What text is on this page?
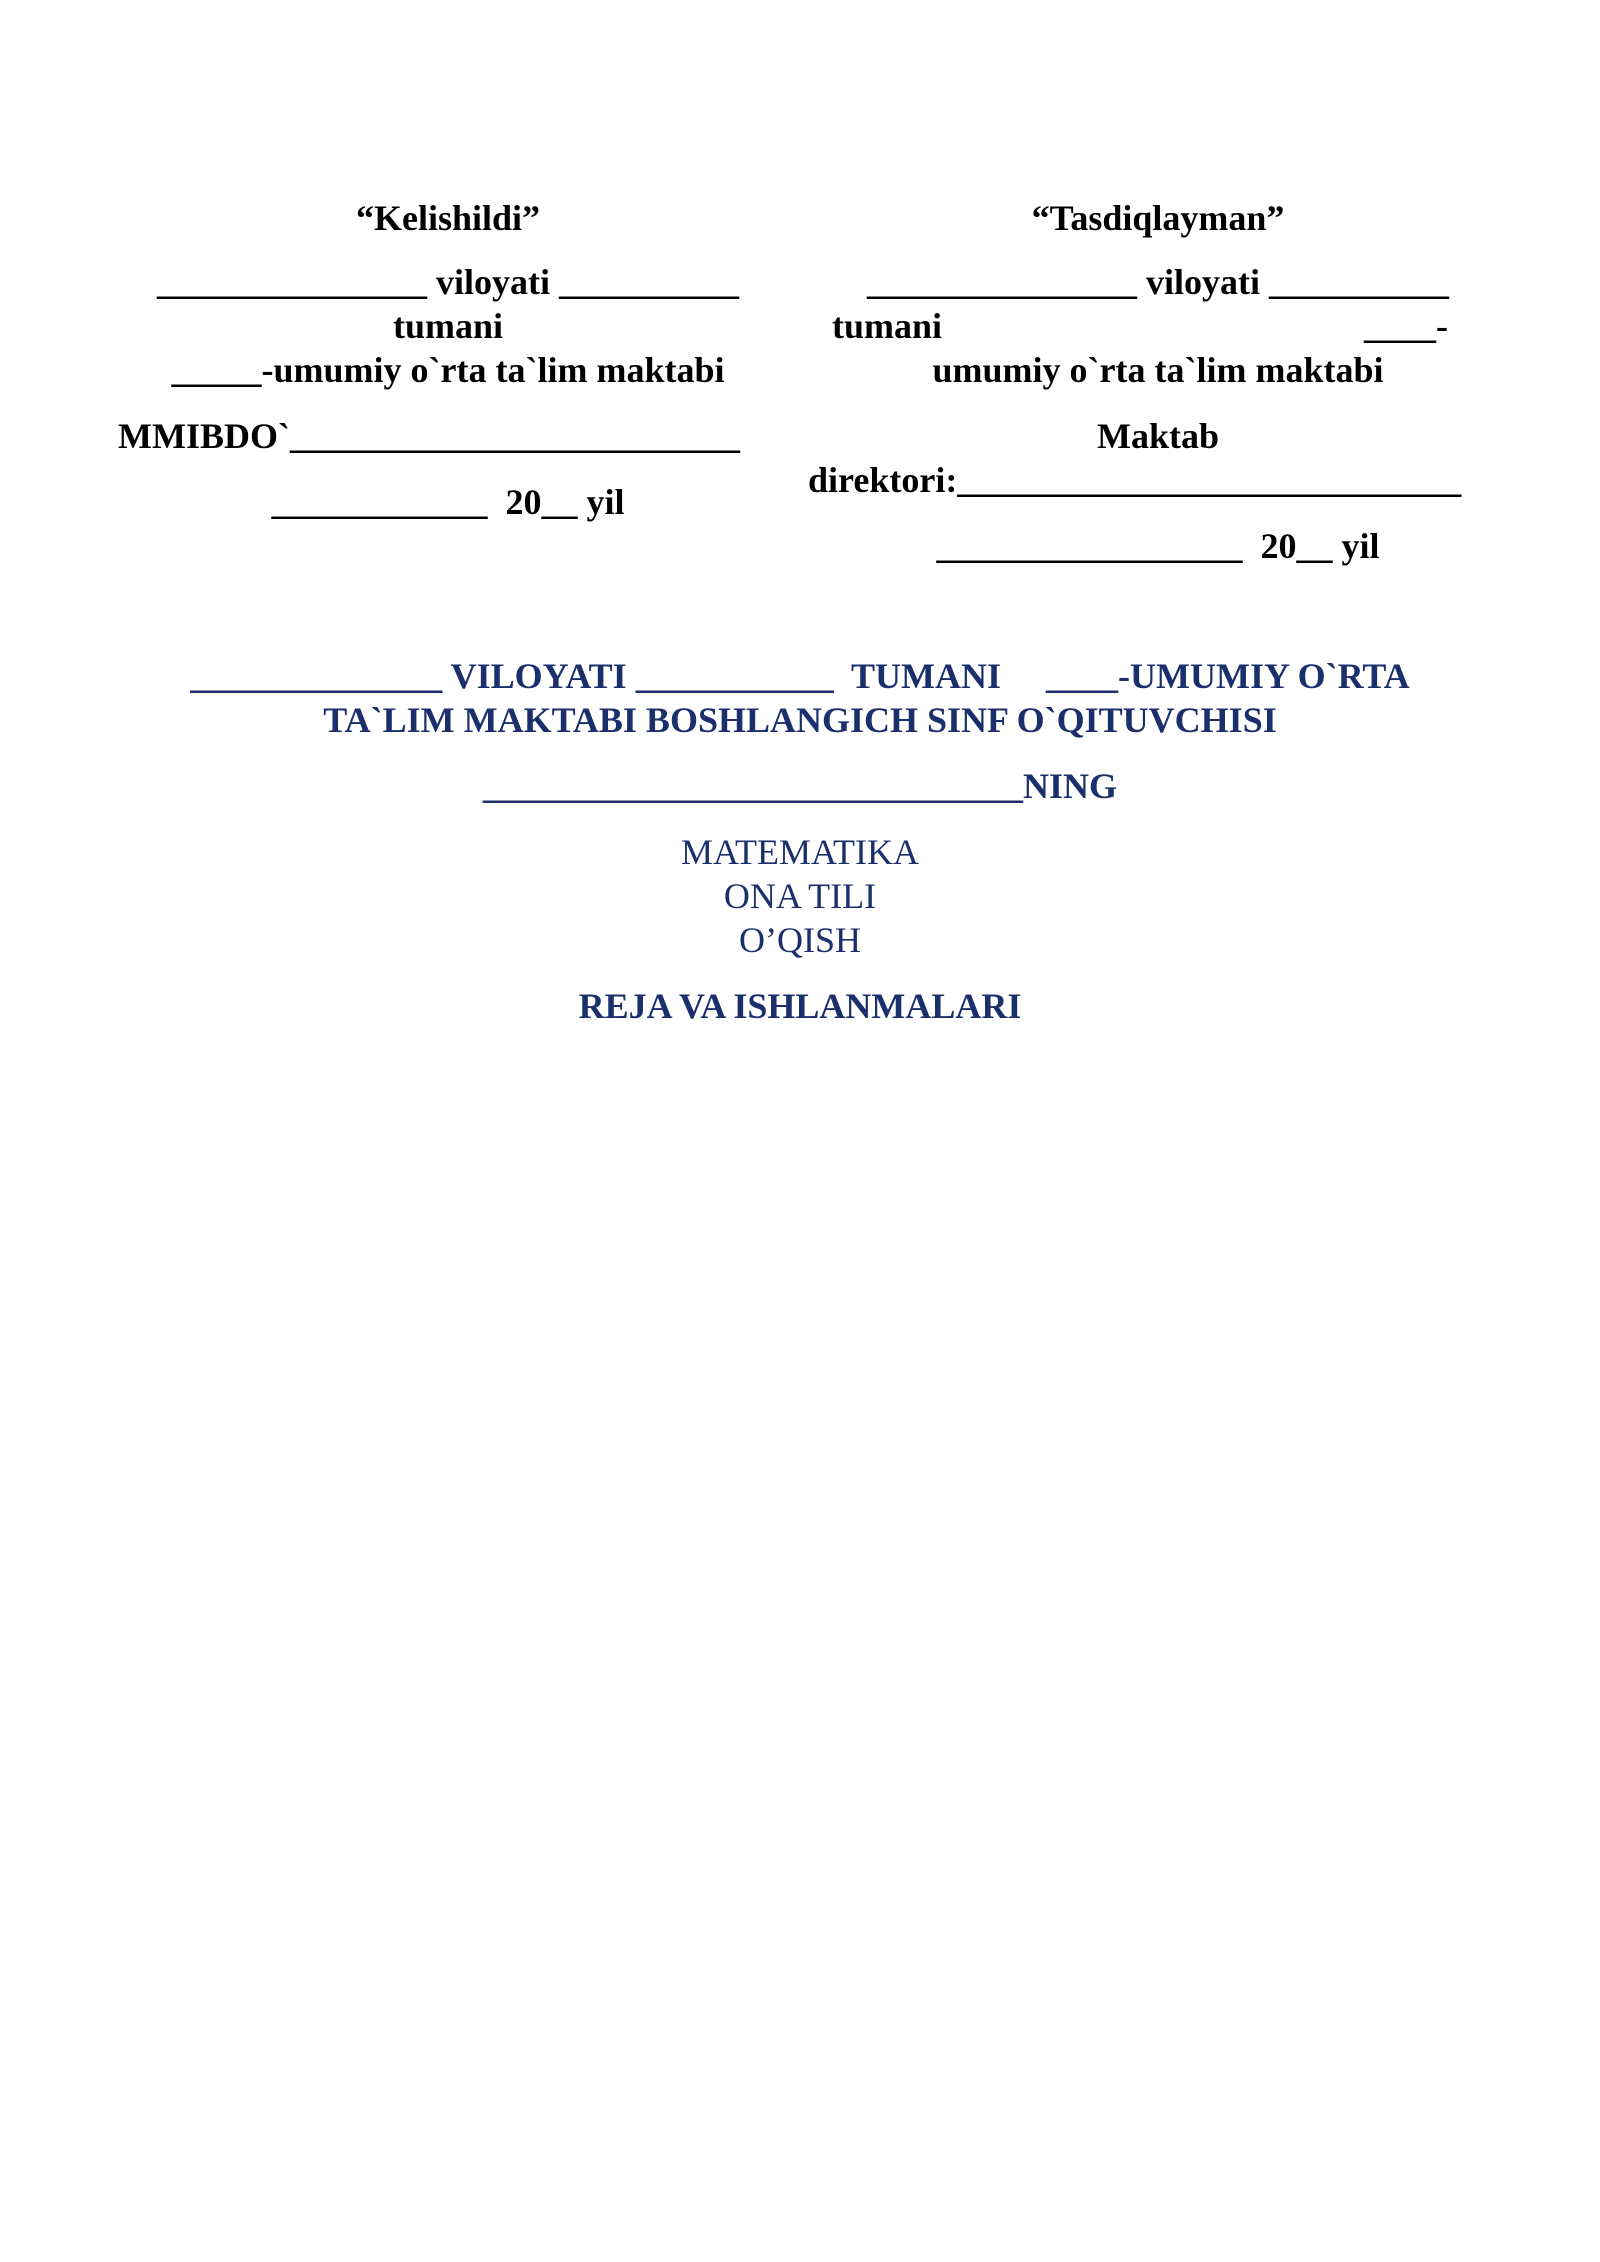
“Kelishildi”

_______________ viloyati __________

tumani

_____-umumiy o`rta ta`lim maktabi

MMIBDO`_________________________

____________  20__ yil

“Tasdiqlayman”

_______________ viloyati __________

tumani	____-

umumiy o`rta ta`lim maktabi

Maktab

direktori:____________________________

_________________  20__ yil

______________ VILOYATI ___________  TUMANI     ____-UMUMIY O`RTA

TA`LIM MAKTABI BOSHLANGICH SINF O`QITUVCHISI

______________________________NING

MATEMATIKA

ONA TILI

O’QISH

REJA VA ISHLANMALARI
